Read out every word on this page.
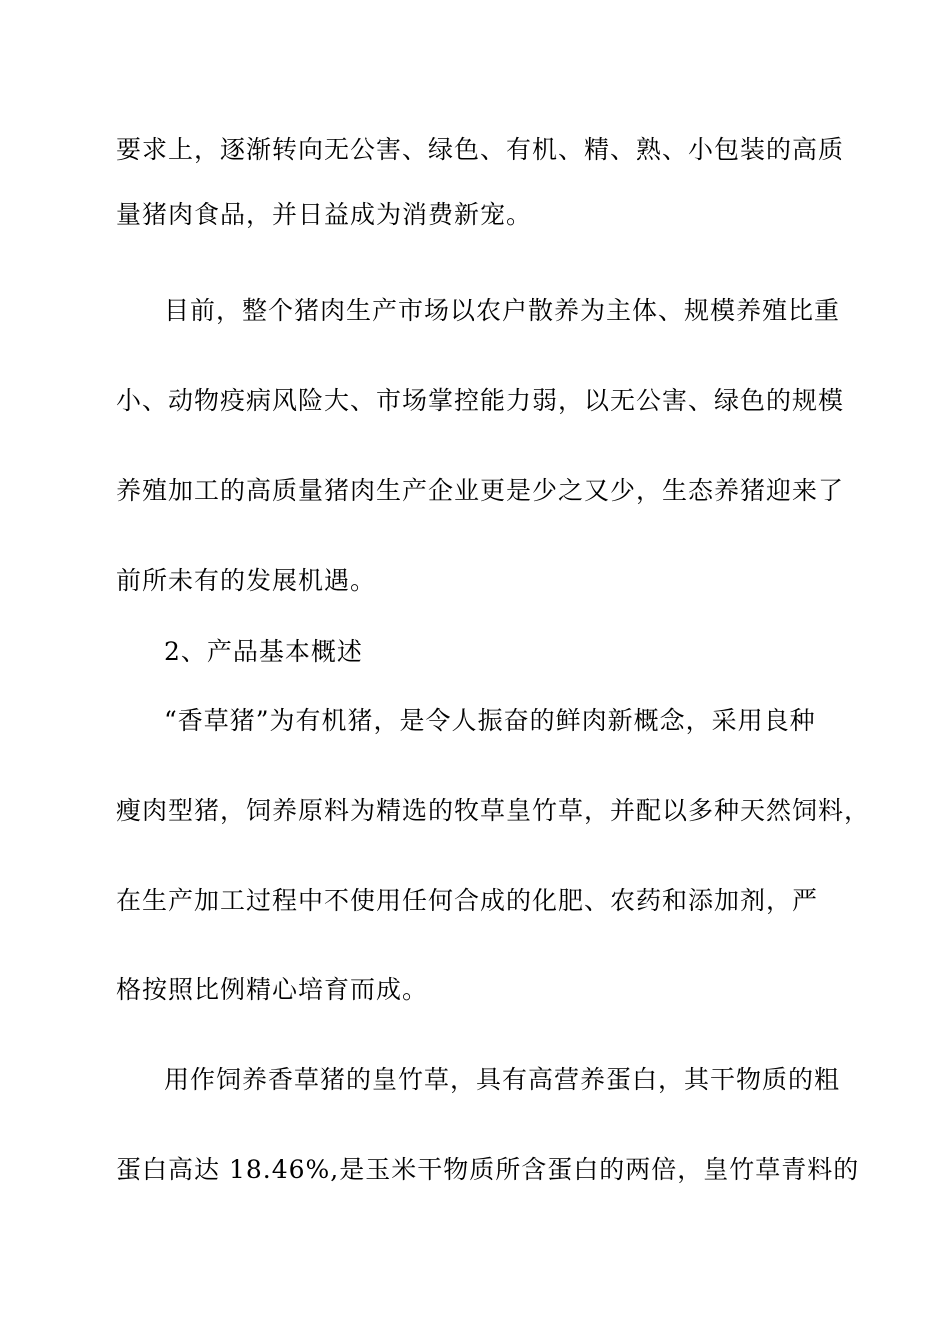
要求上，逐渐转向无公害、绿色、有机、精、熟、小包装的高质
量猪肉食品，并日益成为消费新宠。
目前，整个猪肉生产市场以农户散养为主体、规模养殖比重
小、动物疫病风险大、市场掌控能力弱，以无公害、绿色的规模
养殖加工的高质量猪肉生产企业更是少之又少，生态养猪迎来了
前所未有的发展机遇。
2、产品基本概述
“香草猪”为有机猪，是令人振奋的鲜肉新概念，采用良种
瘦肉型猪，饲养原料为精选的牧草皇竹草，并配以多种天然饲料，
在生产加工过程中不使用任何合成的化肥、农药和添加剂，严
格按照比例精心培育而成。
用作饲养香草猪的皇竹草，具有高营养蛋白，其干物质的粗
蛋白高达 18.46%,是玉米干物质所含蛋白的两倍，皇竹草青料的
